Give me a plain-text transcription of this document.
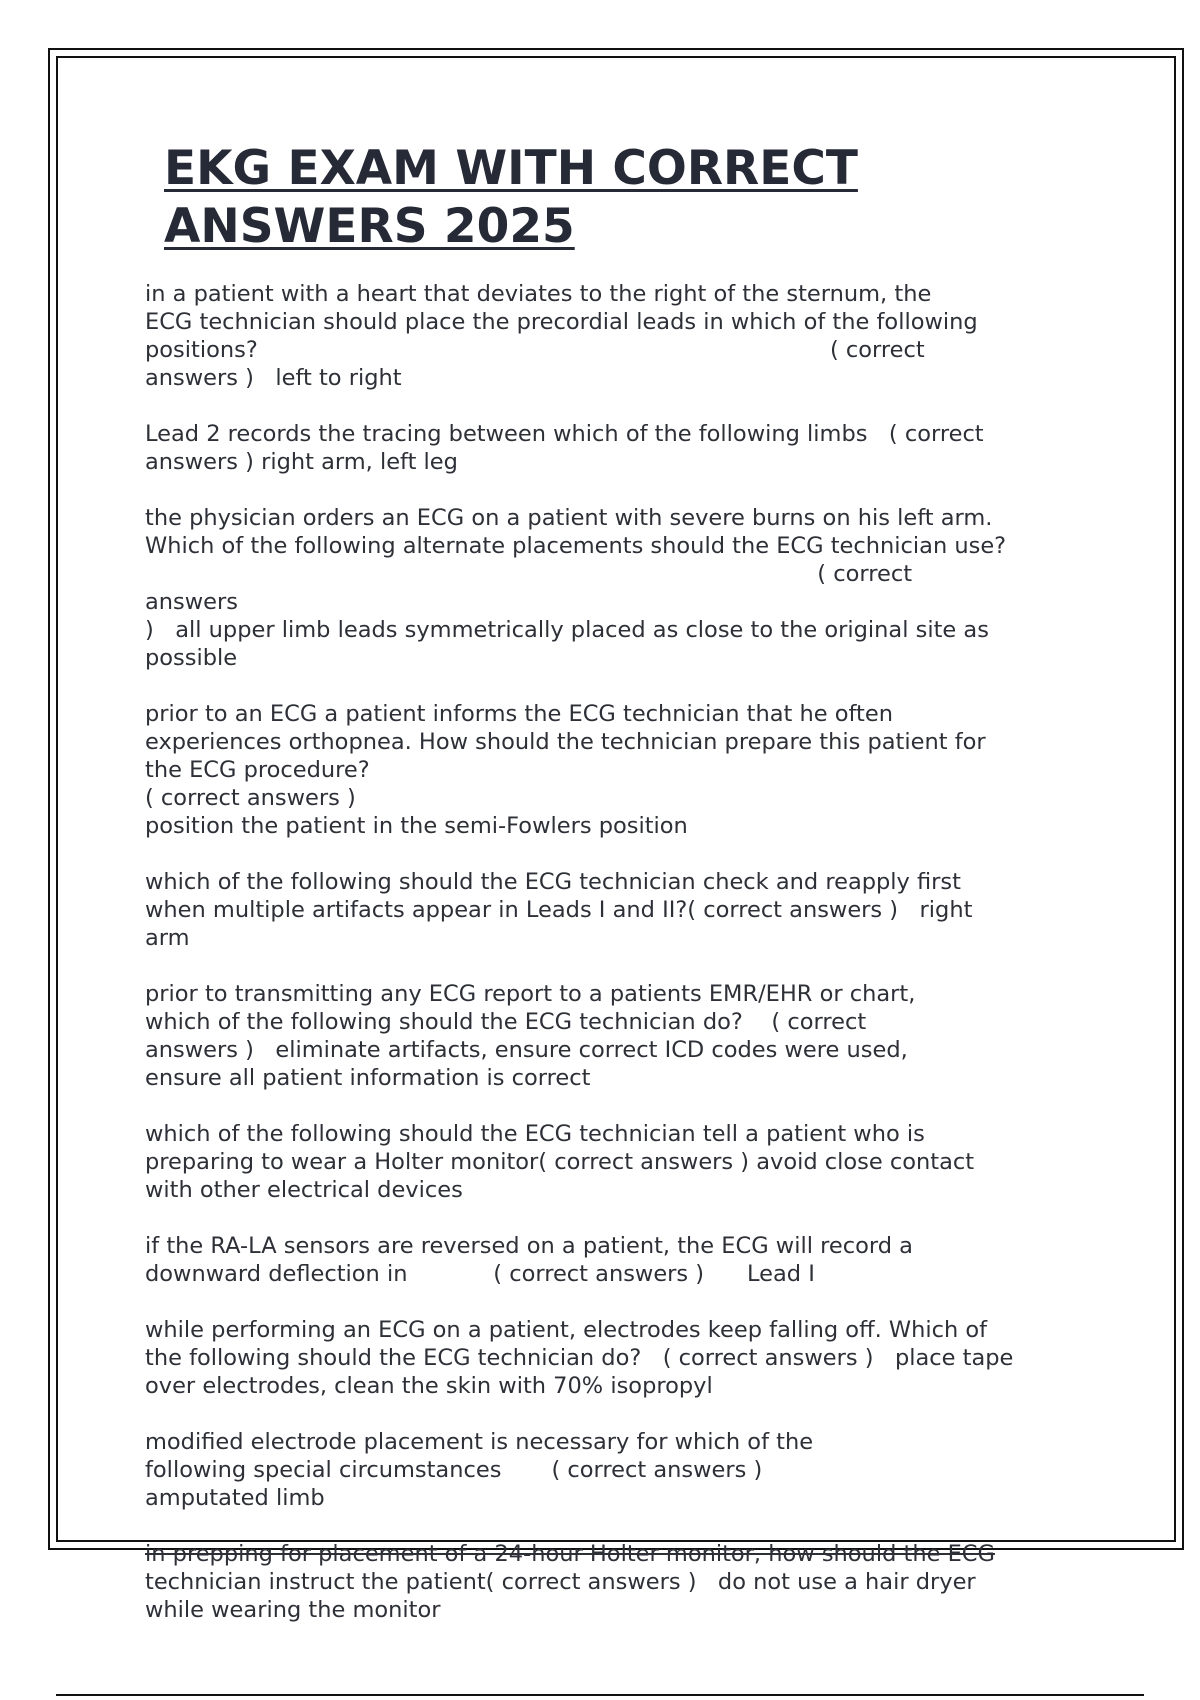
EKG EXAM WITH CORRECT
ANSWERS 2025
in a patient with a heart that deviates to the right of the sternum, the
ECG technician should place the precordial leads in which of the following
positions?                                                                                ( correct
answers )   left to right
Lead 2 records the tracing between which of the following limbs   ( correct
answers ) right arm, left leg
the physician orders an ECG on a patient with severe burns on his left arm.
Which of the following alternate placements should the ECG technician use?
( correct
answers
)   all upper limb leads symmetrically placed as close to the original site as
possible
prior to an ECG a patient informs the ECG technician that he often
experiences orthopnea. How should the technician prepare this patient for
the ECG procedure?
( correct answers )
position the patient in the semi-Fowlers position
which of the following should the ECG technician check and reapply first
when multiple artifacts appear in Leads I and II?( correct answers )   right
arm
prior to transmitting any ECG report to a patients EMR/EHR or chart,
which of the following should the ECG technician do?    ( correct
answers )   eliminate artifacts, ensure correct ICD codes were used,
ensure all patient information is correct
which of the following should the ECG technician tell a patient who is
preparing to wear a Holter monitor( correct answers ) avoid close contact
with other electrical devices
if the RA-LA sensors are reversed on a patient, the ECG will record a
downward deflection in            ( correct answers )      Lead I
while performing an ECG on a patient, electrodes keep falling off. Which of
the following should the ECG technician do?   ( correct answers )   place tape
over electrodes, clean the skin with 70% isopropyl
modified electrode placement is necessary for which of the
following special circumstances       ( correct answers )
amputated limb
in prepping for placement of a 24-hour Holter monitor, how should the ECG
technician instruct the patient( correct answers )   do not use a hair dryer
while wearing the monitor
